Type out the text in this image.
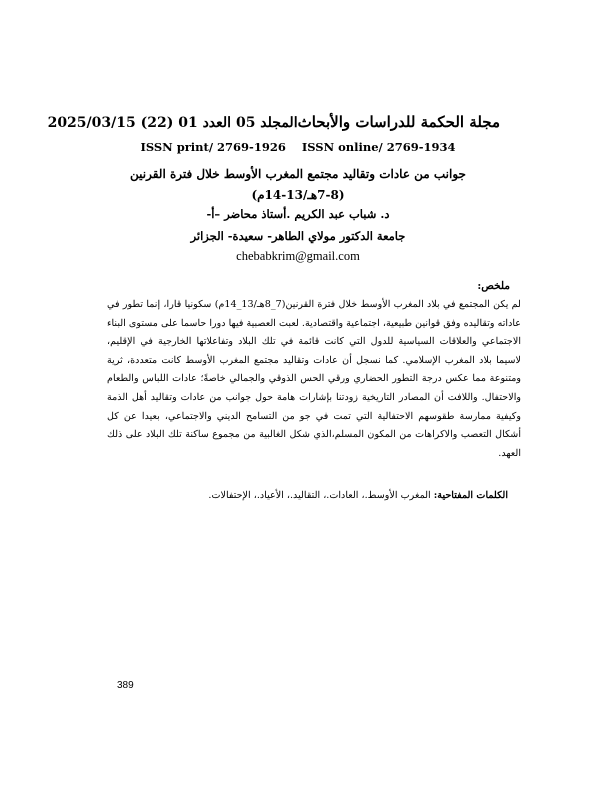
مجلة الحكمة للدراسات والأبحاث
المجلد 05 العدد 01 (22) 2025/03/15
ISSN print/ 2769-1926 ISSN online/ 2769-1934
جوانب من عادات وتقاليد مجتمع المغرب الأوسط خلال فترة القرنين
(7-8هـ/13-14م)
د. شباب عبد الكريم .أستاذ محاضر –أ-
جامعة الدكتور مولاي الطاهر- سعيدة- الجزائر
chebabkrim@gmail.com
ملخص:

لم يكن المجتمع في بلاد المغرب الأوسط خلال فترة القرنين(7_8هـ/13_14م) سكونيا قارا، إنما تطور في عاداته وتقاليده وفق قوانين طبيعية، اجتماعية واقتصادية. لعبت العصبية فيها دورا حاسما على مستوى البناء الاجتماعي والعلاقات السياسية للدول التي كانت قائمة في تلك البلاد وتفاعلاتها الخارجية في الإقليم، لاسيما بلاد المغرب الإسلامي. كما نسجل أن عادات وتقاليد مجتمع المغرب الأوسط كانت متعددة، ثرية ومتنوعة مما عكس درجة التطور الحضاري ورقي الحس الذوقي والجمالي خاصةً؛ عادات اللباس والطعام والاحتفال. واللافت أن المصادر التاريخية زودتنا بإشارات هامة حول جوانب من عادات وتقاليد أهل الذمة وكيفية ممارسة طقوسهم الاحتفالية التي تمت في جو من التسامح الديني والاجتماعي، بعيدا عن كل أشكال التعصب والاكراهات من المكون المسلم،الذي شكل الغالبية من مجموع ساكنة تلك البلاد على ذلك العهد.

الكلمات المفتاحية: المغرب الأوسط.، العادات.، التقاليد.، الأعياد.، الإحتفالات.
389
